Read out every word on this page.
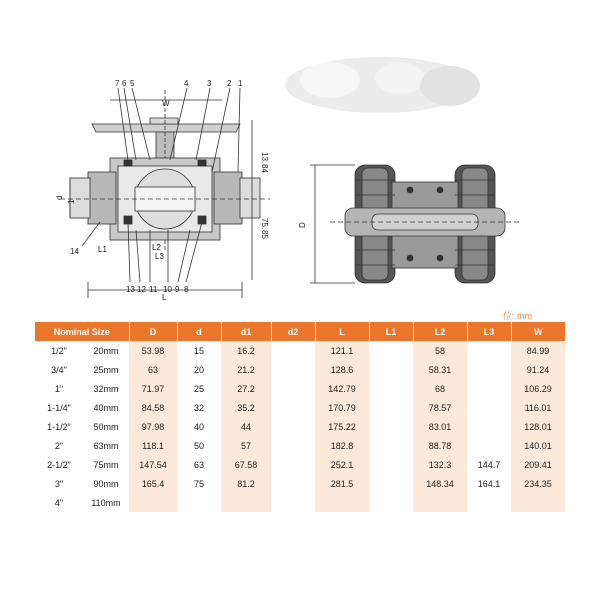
7 6 5	4 3 2 1
W
d
1
L1	L2
L3
L
13.
84
75.
85
14
13 12 11 10 9 8
D
位: mm
Nominal Size		D	d	d1	d2	L	L1	L2	L3	W
1/2"	20mm	53.98	15	16.2		121.1		58		84.99
3/4"	25mm	63	20	21.2		128.6		58.31		91.24
1"	32mm	71.97	25	27.2		142.79		68		106.29
1-1/4"	40mm	84.58	32	35.2		170.79		78.57		116.01
1-1/2"	50mm	97.98	40	44		175.22		83.01		128.01
2"	63mm	118.1	50	57		182.8		88.78		140.01
2-1/2"	75mm	147.54	63	67.58		252.1		132.3	144.7	209.41
3"	90mm	165.4	75	81.2		281.5		148.34	164.1	234.35
4"	110mm									
